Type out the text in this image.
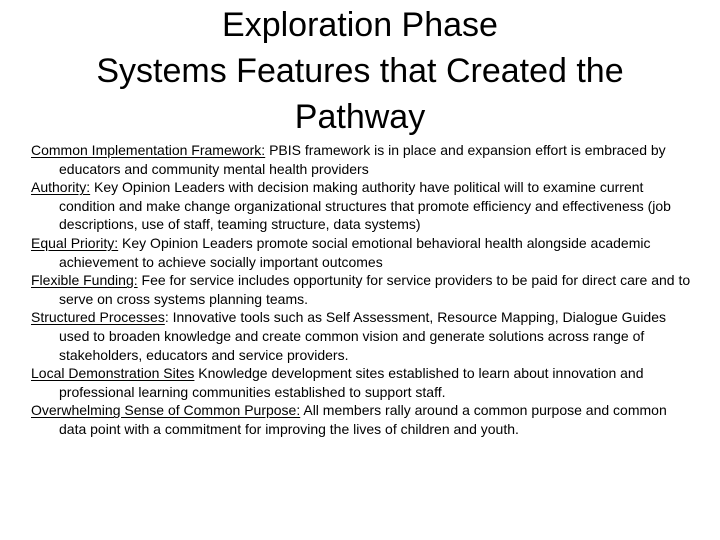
Exploration Phase
Systems Features that Created the
Pathway

Common Implementation Framework: PBIS framework is in place and expansion effort is embraced by educators and community mental health providers

Authority: Key Opinion Leaders with decision making authority have political will to examine current condition and make change organizational structures that promote efficiency and effectiveness (job descriptions, use of staff, teaming structure, data systems)

Equal Priority: Key Opinion Leaders promote social emotional behavioral health alongside academic achievement to achieve socially important outcomes

Flexible Funding: Fee for service includes opportunity for service providers to be paid for direct care and to serve on cross systems planning teams.

Structured Processes: Innovative tools such as Self Assessment, Resource Mapping, Dialogue Guides used to broaden knowledge and create common vision and generate solutions across range of stakeholders, educators and service providers.

Local Demonstration Sites Knowledge development sites established to learn about innovation and professional learning communities established to support staff.

Overwhelming Sense of Common Purpose: All members rally around a common purpose and common data point with a commitment for improving the lives of children and youth.
